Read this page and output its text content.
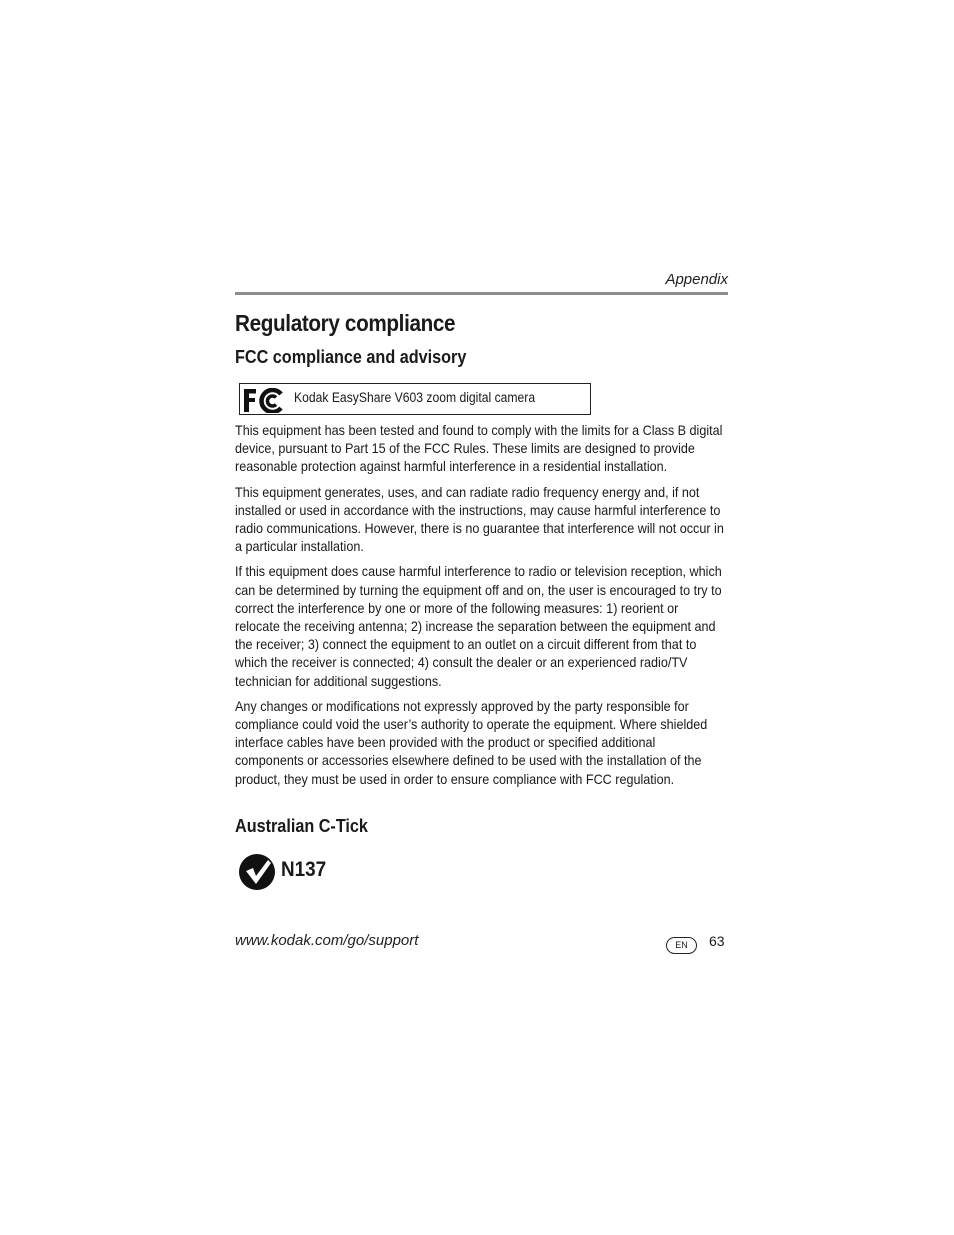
Appendix
Regulatory compliance
FCC compliance and advisory
Kodak EasyShare V603 zoom digital camera

This equipment has been tested and found to comply with the limits for a Class B digital device, pursuant to Part 15 of the FCC Rules. These limits are designed to provide reasonable protection against harmful interference in a residential installation.

This equipment generates, uses, and can radiate radio frequency energy and, if not installed or used in accordance with the instructions, may cause harmful interference to radio communications. However, there is no guarantee that interference will not occur in a particular installation.

If this equipment does cause harmful interference to radio or television reception, which can be determined by turning the equipment off and on, the user is encouraged to try to correct the interference by one or more of the following measures: 1) reorient or relocate the receiving antenna; 2) increase the separation between the equipment and the receiver; 3) connect the equipment to an outlet on a circuit different from that to which the receiver is connected; 4) consult the dealer or an experienced radio/TV technician for additional suggestions.

Any changes or modifications not expressly approved by the party responsible for compliance could void the user’s authority to operate the equipment. Where shielded interface cables have been provided with the product or specified additional components or accessories elsewhere defined to be used with the installation of the product, they must be used in order to ensure compliance with FCC regulation.

Australian C-Tick
N137
www.kodak.com/go/support	EN	63
